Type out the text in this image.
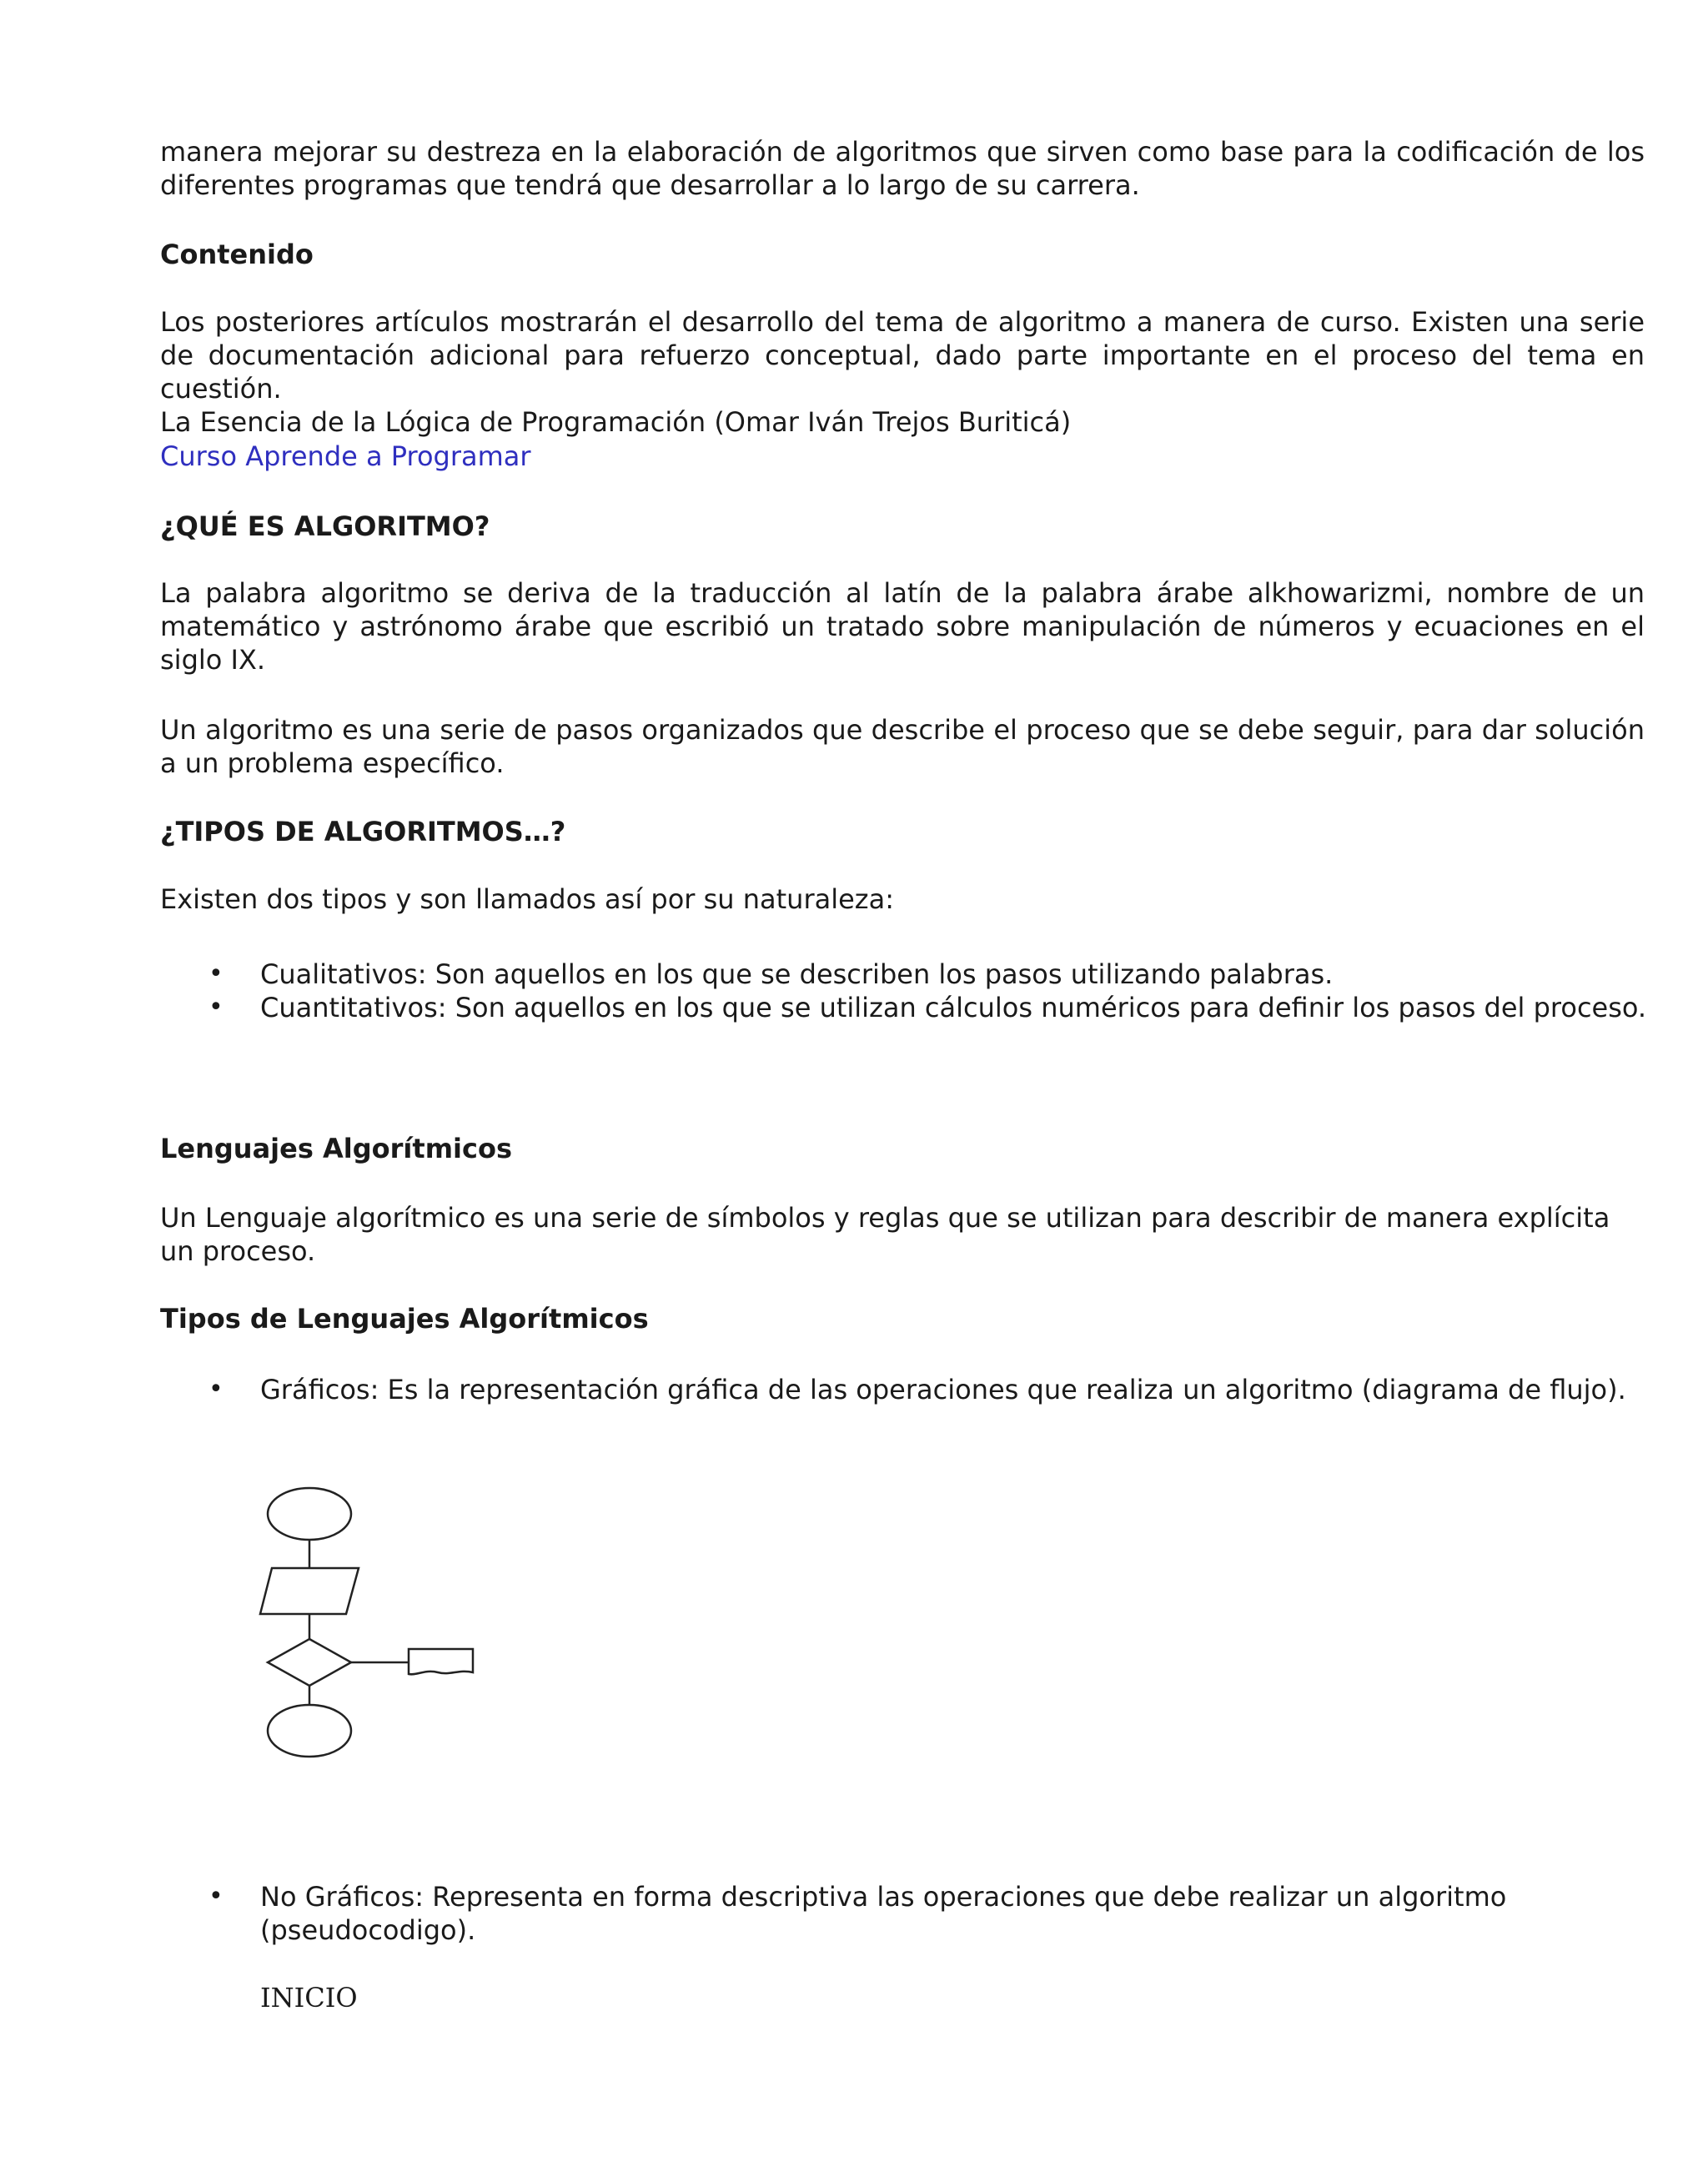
manera mejorar su destreza en la elaboración de algoritmos que sirven como base para la codificación de los diferentes programas que tendrá que desarrollar a lo largo de su carrera.

Contenido

Los posteriores artículos mostrarán el desarrollo del tema de algoritmo a manera de curso. Existen una serie de documentación adicional para refuerzo conceptual, dado parte importante en el proceso del tema en cuestión.

La Esencia de la Lógica de Programación (Omar Iván Trejos Buriticá)

Curso Aprende a Programar

¿QUÉ ES ALGORITMO?

La palabra algoritmo se deriva de la traducción al latín de la palabra árabe alkhowarizmi, nombre de un matemático y astrónomo árabe que escribió un tratado sobre manipulación de números y ecuaciones en el siglo IX.

Un algoritmo es una serie de pasos organizados que describe el proceso que se debe seguir, para dar solución a un problema específico.

¿TIPOS DE ALGORITMOS…?

Existen dos tipos y son llamados así por su naturaleza:

• Cualitativos: Son aquellos en los que se describen los pasos utilizando palabras.

• Cuantitativos: Son aquellos en los que se utilizan cálculos numéricos para definir los pasos del proceso.

Lenguajes Algorítmicos

Un Lenguaje algorítmico es una serie de símbolos y reglas que se utilizan para describir de manera explícita un proceso.

Tipos de Lenguajes Algorítmicos

• Gráficos: Es la representación gráfica de las operaciones que realiza un algoritmo (diagrama de flujo).

• No Gráficos: Representa en forma descriptiva las operaciones que debe realizar un algoritmo (pseudocodigo).

INICIO
